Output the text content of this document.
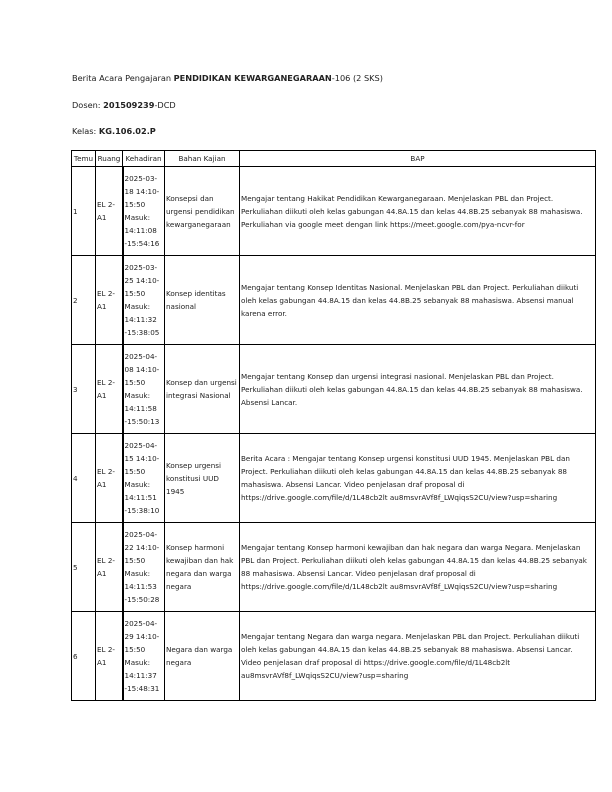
Berita Acara Pengajaran PENDIDIKAN KEWARGANEGARAAN-106 (2 SKS)
Dosen: 201509239-DCD
Kelas: KG.106.02.P
Temu	Ruang	Kehadiran	Bahan Kajian	BAP
1	EL 2-A1	2025-03-18 14:10-15:50 Masuk: 14:11:08 -15:54:16	Konsepsi dan urgensi pendidikan kewarganegaraan	Mengajar tentang Hakikat Pendidikan Kewarganegaraan. Menjelaskan PBL dan Project. Perkuliahan diikuti oleh kelas gabungan 44.8A.15 dan kelas 44.8B.25 sebanyak 88 mahasiswa. Perkuliahan via google meet dengan link https://meet.google.com/pya-ncvr-for
2	EL 2-A1	2025-03-25 14:10-15:50 Masuk: 14:11:32 -15:38:05	Konsep identitas nasional	Mengajar tentang Konsep Identitas Nasional. Menjelaskan PBL dan Project. Perkuliahan diikuti oleh kelas gabungan 44.8A.15 dan kelas 44.8B.25 sebanyak 88 mahasiswa. Absensi manual karena error.
3	EL 2-A1	2025-04-08 14:10-15:50 Masuk: 14:11:58 -15:50:13	Konsep dan urgensi integrasi Nasional	Mengajar tentang Konsep dan urgensi integrasi nasional. Menjelaskan PBL dan Project. Perkuliahan diikuti oleh kelas gabungan 44.8A.15 dan kelas 44.8B.25 sebanyak 88 mahasiswa. Absensi Lancar.
4	EL 2-A1	2025-04-15 14:10-15:50 Masuk: 14:11:51 -15:38:10	Konsep urgensi konstitusi UUD 1945	Berita Acara : Mengajar tentang Konsep urgensi konstitusi UUD 1945. Menjelaskan PBL dan Project. Perkuliahan diikuti oleh kelas gabungan 44.8A.15 dan kelas 44.8B.25 sebanyak 88 mahasiswa. Absensi Lancar. Video penjelasan draf proposal di https://drive.google.com/file/d/1L48cb2lt au8msvrAVf8f_LWqiqsS2CU/view?usp=sharing
5	EL 2-A1	2025-04-22 14:10-15:50 Masuk: 14:11:53 -15:50:28	Konsep harmoni kewajiban dan hak negara dan warga negara	Mengajar tentang Konsep harmoni kewajiban dan hak negara dan warga Negara. Menjelaskan PBL dan Project. Perkuliahan diikuti oleh kelas gabungan 44.8A.15 dan kelas 44.8B.25 sebanyak 88 mahasiswa. Absensi Lancar. Video penjelasan draf proposal di https://drive.google.com/file/d/1L48cb2lt au8msvrAVf8f_LWqiqsS2CU/view?usp=sharing
6	EL 2-A1	2025-04-29 14:10-15:50 Masuk: 14:11:37 -15:48:31	Negara dan warga negara	Mengajar tentang Negara dan warga negara. Menjelaskan PBL dan Project. Perkuliahan diikuti oleh kelas gabungan 44.8A.15 dan kelas 44.8B.25 sebanyak 88 mahasiswa. Absensi Lancar. Video penjelasan draf proposal di https://drive.google.com/file/d/1L48cb2lt au8msvrAVf8f_LWqiqsS2CU/view?usp=sharing
